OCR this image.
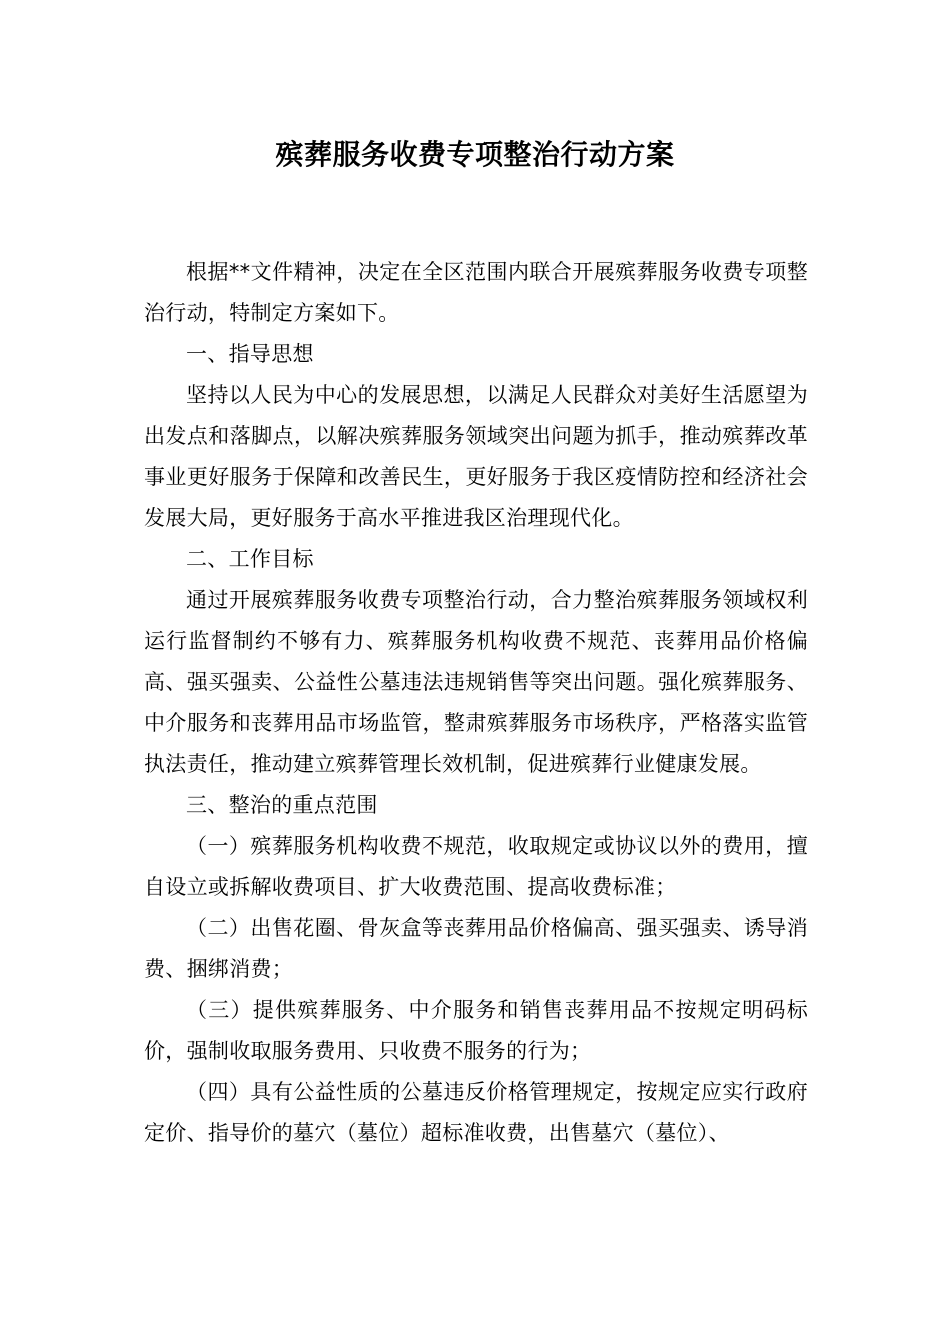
殡葬服务收费专项整治行动方案

根据**文件精神，决定在全区范围内联合开展殡葬服务收费专项整治行动，特制定方案如下。

一、指导思想

坚持以人民为中心的发展思想，以满足人民群众对美好生活愿望为出发点和落脚点，以解决殡葬服务领域突出问题为抓手，推动殡葬改革事业更好服务于保障和改善民生，更好服务于我区疫情防控和经济社会发展大局，更好服务于高水平推进我区治理现代化。

二、工作目标

通过开展殡葬服务收费专项整治行动，合力整治殡葬服务领域权利运行监督制约不够有力、殡葬服务机构收费不规范、丧葬用品价格偏高、强买强卖、公益性公墓违法违规销售等突出问题。强化殡葬服务、中介服务和丧葬用品市场监管，整肃殡葬服务市场秩序，严格落实监管执法责任，推动建立殡葬管理长效机制，促进殡葬行业健康发展。

三、整治的重点范围

（一）殡葬服务机构收费不规范，收取规定或协议以外的费用，擅自设立或拆解收费项目、扩大收费范围、提高收费标准；

（二）出售花圈、骨灰盒等丧葬用品价格偏高、强买强卖、诱导消费、捆绑消费；

（三）提供殡葬服务、中介服务和销售丧葬用品不按规定明码标价，强制收取服务费用、只收费不服务的行为；

（四）具有公益性质的公墓违反价格管理规定，按规定应实行政府定价、指导价的墓穴（墓位）超标准收费，出售墓穴（墓位）、
